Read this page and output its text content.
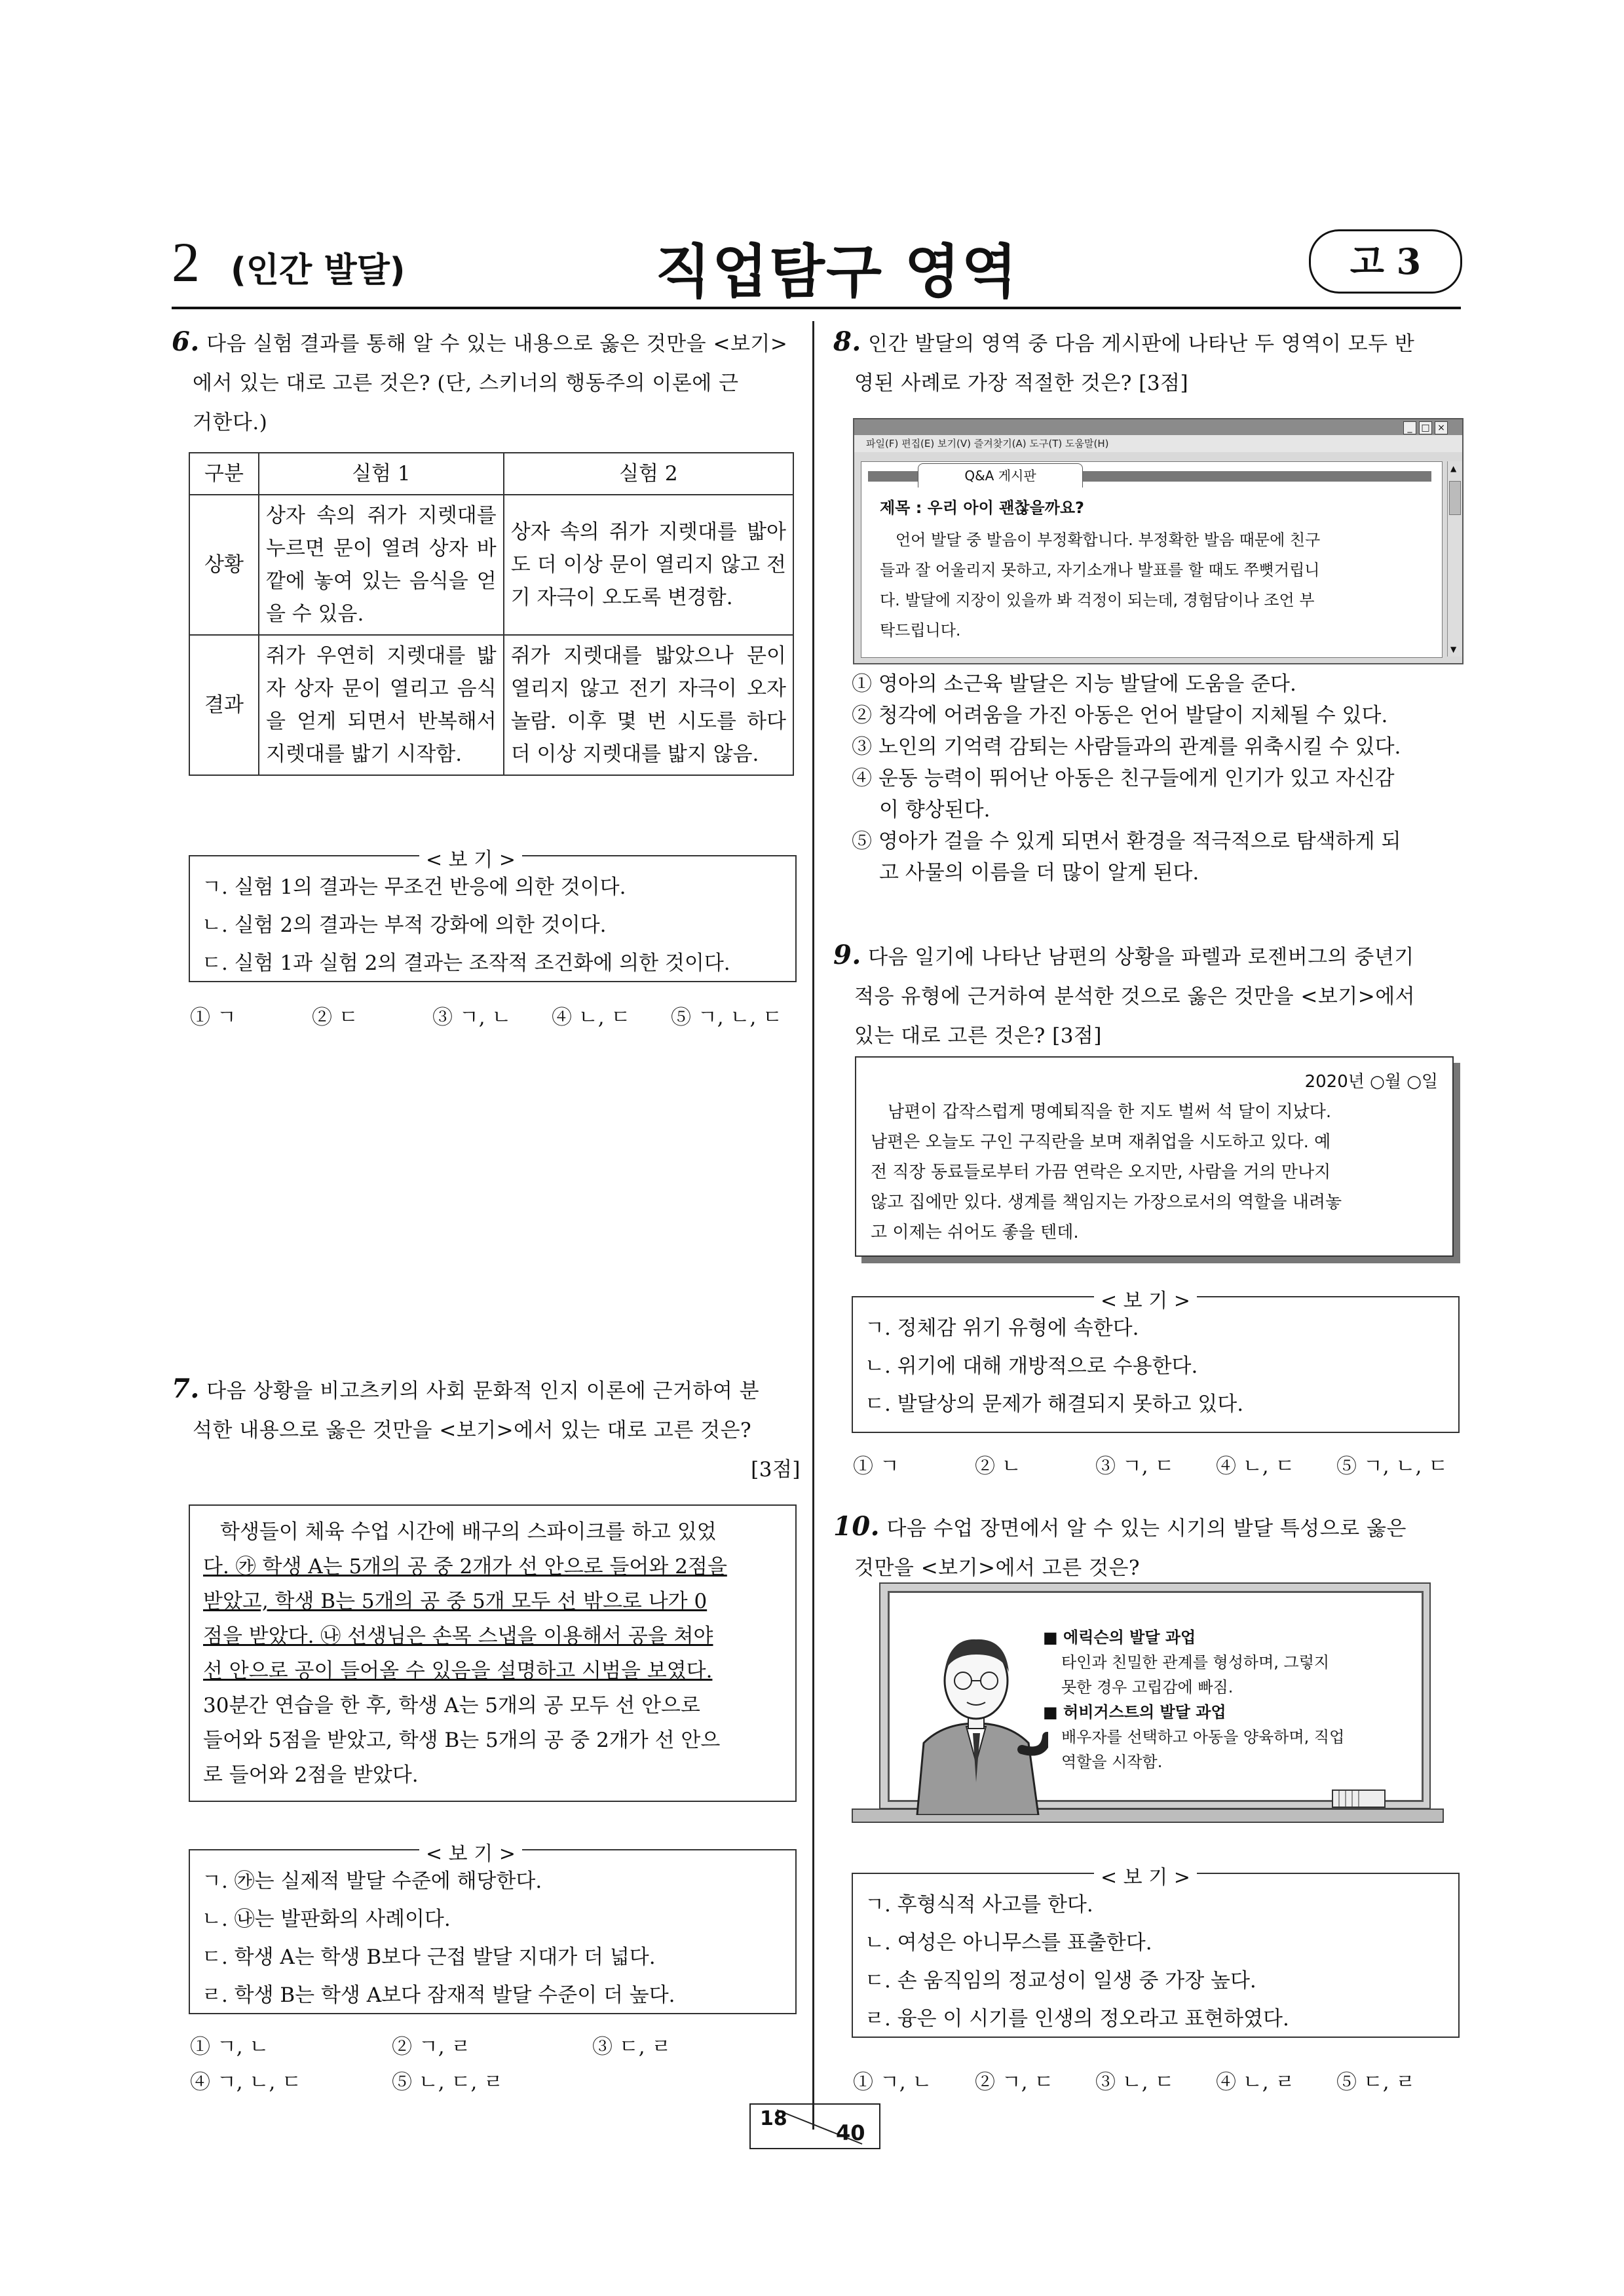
2 (인간 발달)	직업탐구 영역	고 3
6. 다음 실험 결과를 통해 알 수 있는 내용으로 옳은 것만을 <보기>
에서 있는 대로 고른 것은? (단, 스키너의 행동주의 이론에 근
거한다.)
구분	실험 1	실험 2
상황	상자 속의 쥐가 지렛대를 누르면 문이 열려 상자 바깥에 놓여 있는 음식을 얻을 수 있음.	상자 속의 쥐가 지렛대를 밟아도 더 이상 문이 열리지 않고 전기 자극이 오도록 변경함.
결과	쥐가 우연히 지렛대를 밟자 상자 문이 열리고 음식을 얻게 되면서 반복해서 지렛대를 밟기 시작함.	쥐가 지렛대를 밟았으나 문이 열리지 않고 전기 자극이 오자 놀람. 이후 몇 번 시도를 하다 더 이상 지렛대를 밟지 않음.
< 보 기 >
ㄱ. 실험 1의 결과는 무조건 반응에 의한 것이다.
ㄴ. 실험 2의 결과는 부적 강화에 의한 것이다.
ㄷ. 실험 1과 실험 2의 결과는 조작적 조건화에 의한 것이다.
① ㄱ	② ㄷ	③ ㄱ, ㄴ ④ ㄴ, ㄷ ⑤ ㄱ, ㄴ, ㄷ
7. 다음 상황을 비고츠키의 사회 문화적 인지 이론에 근거하여 분
석한 내용으로 옳은 것만을 <보기>에서 있는 대로 고른 것은?
[3점]
학생들이 체육 수업 시간에 배구의 스파이크를 하고 있었
다. ㉮ 학생 A는 5개의 공 중 2개가 선 안으로 들어와 2점을
받았고, 학생 B는 5개의 공 중 5개 모두 선 밖으로 나가 0
점을 받았다. ㉯ 선생님은 손목 스냅을 이용해서 공을 쳐야
선 안으로 공이 들어올 수 있음을 설명하고 시범을 보였다.
30분간 연습을 한 후, 학생 A는 5개의 공 모두 선 안으로
들어와 5점을 받았고, 학생 B는 5개의 공 중 2개가 선 안으
로 들어와 2점을 받았다.
< 보 기 >
ㄱ. ㉮는 실제적 발달 수준에 해당한다.
ㄴ. ㉯는 발판화의 사례이다.
ㄷ. 학생 A는 학생 B보다 근접 발달 지대가 더 넓다.
ㄹ. 학생 B는 학생 A보다 잠재적 발달 수준이 더 높다.
① ㄱ, ㄴ	② ㄱ, ㄹ	③ ㄷ, ㄹ
④ ㄱ, ㄴ, ㄷ	⑤ ㄴ, ㄷ, ㄹ
8. 인간 발달의 영역 중 다음 게시판에 나타난 두 영역이 모두 반
영된 사례로 가장 적절한 것은? [3점]
_ □ ×
파일(F) 편집(E) 보기(V) 즐겨찾기(A) 도구(T) 도움말(H)
Q&A 게시판
제목 : 우리 아이 괜찮을까요?
언어 발달 중 발음이 부정확합니다. 부정확한 발음 때문에 친구
들과 잘 어울리지 못하고, 자기소개나 발표를 할 때도 쭈뼛거립니
다. 발달에 지장이 있을까 봐 걱정이 되는데, 경험담이나 조언 부
탁드립니다.
▲
▼
① 영아의 소근육 발달은 지능 발달에 도움을 준다.
② 청각에 어려움을 가진 아동은 언어 발달이 지체될 수 있다.
③ 노인의 기억력 감퇴는 사람들과의 관계를 위축시킬 수 있다.
④ 운동 능력이 뛰어난 아동은 친구들에게 인기가 있고 자신감
이 향상된다.
⑤ 영아가 걸을 수 있게 되면서 환경을 적극적으로 탐색하게 되
고 사물의 이름을 더 많이 알게 된다.
9. 다음 일기에 나타난 남편의 상황을 파렐과 로젠버그의 중년기
적응 유형에 근거하여 분석한 것으로 옳은 것만을 <보기>에서
있는 대로 고른 것은? [3점]
2020년 ○월 ○일
남편이 갑작스럽게 명예퇴직을 한 지도 벌써 석 달이 지났다.
남편은 오늘도 구인 구직란을 보며 재취업을 시도하고 있다. 예
전 직장 동료들로부터 가끔 연락은 오지만, 사람을 거의 만나지
않고 집에만 있다. 생계를 책임지는 가장으로서의 역할을 내려놓
고 이제는 쉬어도 좋을 텐데.
< 보 기 >
ㄱ. 정체감 위기 유형에 속한다.
ㄴ. 위기에 대해 개방적으로 수용한다.
ㄷ. 발달상의 문제가 해결되지 못하고 있다.
① ㄱ	② ㄴ	③ ㄱ, ㄷ ④ ㄴ, ㄷ ⑤ ㄱ, ㄴ, ㄷ
10. 다음 수업 장면에서 알 수 있는 시기의 발달 특성으로 옳은
것만을 <보기>에서 고른 것은?
■ 에릭슨의 발달 과업
타인과 친밀한 관계를 형성하며, 그렇지
못한 경우 고립감에 빠짐.
■ 허비거스트의 발달 과업
배우자를 선택하고 아동을 양육하며, 직업
역할을 시작함.
< 보 기 >
ㄱ. 후형식적 사고를 한다.
ㄴ. 여성은 아니무스를 표출한다.
ㄷ. 손 움직임의 정교성이 일생 중 가장 높다.
ㄹ. 융은 이 시기를 인생의 정오라고 표현하였다.
① ㄱ, ㄴ ② ㄱ, ㄷ ③ ㄴ, ㄷ ④ ㄴ, ㄹ ⑤ ㄷ, ㄹ
18
40
